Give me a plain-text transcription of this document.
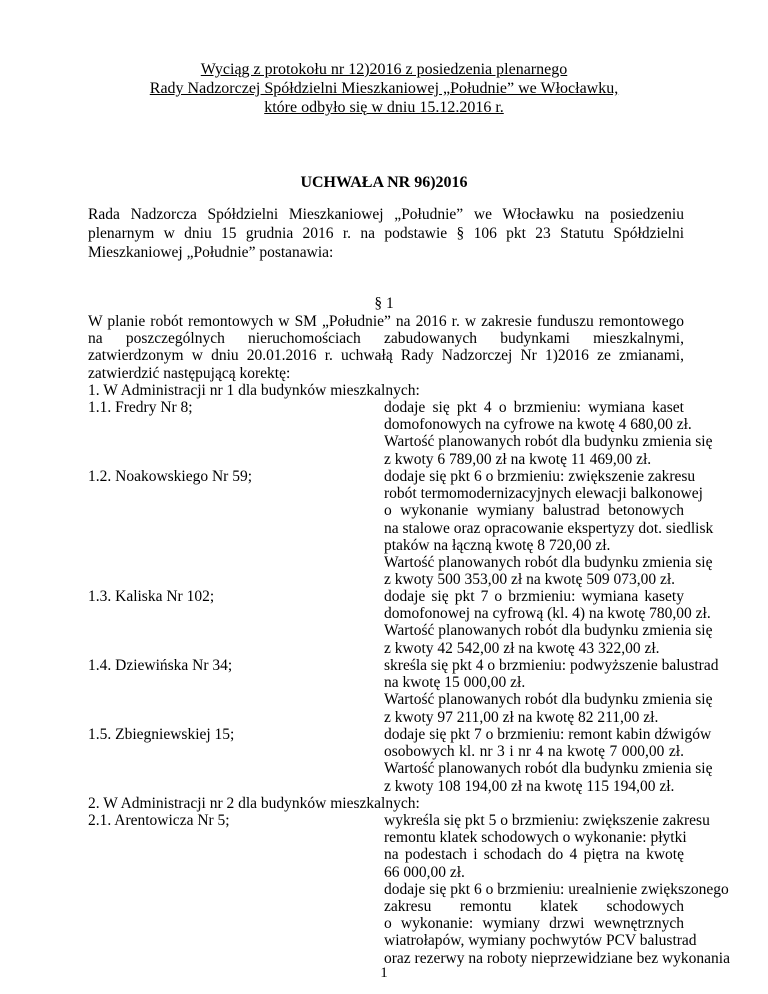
Wyciąg z protokołu nr 12)2016 z posiedzenia plenarnego
Rady Nadzorczej Spółdzielni Mieszkaniowej „Południe” we Włocławku,
które odbyło się w dniu 15.12.2016 r.
UCHWAŁA NR 96)2016
Rada Nadzorcza Spółdzielni Mieszkaniowej „Południe” we Włocławku na posiedzeniu plenarnym w dniu 15 grudnia 2016 r. na podstawie § 106 pkt 23 Statutu Spółdzielni Mieszkaniowej „Południe” postanawia:
§ 1
W planie robót remontowych w SM „Południe” na 2016 r. w zakresie funduszu remontowego
na poszczególnych nieruchomościach zabudowanych budynkami mieszkalnymi,
zatwierdzonym w dniu 20.01.2016 r. uchwałą Rady Nadzorczej Nr 1)2016 ze zmianami,
zatwierdzić następującą korektę:
1. W Administracji nr 1 dla budynków mieszkalnych:
1.1. Fredry Nr 8;	dodaje się pkt 4 o brzmieniu: wymiana kaset
domofonowych na cyfrowe na kwotę 4 680,00 zł.
Wartość planowanych robót dla budynku zmienia się
z kwoty 6 789,00 zł na kwotę 11 469,00 zł.
1.2. Noakowskiego Nr 59;	dodaje się pkt 6 o brzmieniu: zwiększenie zakresu
robót termomodernizacyjnych elewacji balkonowej
o wykonanie wymiany balustrad betonowych
na stalowe oraz opracowanie ekspertyzy dot. siedlisk
ptaków na łączną kwotę 8 720,00 zł.
Wartość planowanych robót dla budynku zmienia się
z kwoty 500 353,00 zł na kwotę 509 073,00 zł.
1.3. Kaliska Nr 102;	dodaje się pkt 7 o brzmieniu: wymiana kasety
domofonowej na cyfrową (kl. 4) na kwotę 780,00 zł.
Wartość planowanych robót dla budynku zmienia się
z kwoty 42 542,00 zł na kwotę 43 322,00 zł.
1.4. Dziewińska Nr 34;	skreśla się pkt 4 o brzmieniu: podwyższenie balustrad
na kwotę 15 000,00 zł.
Wartość planowanych robót dla budynku zmienia się
z kwoty 97 211,00 zł na kwotę 82 211,00 zł.
1.5. Zbiegniewskiej 15;	dodaje się pkt 7 o brzmieniu: remont kabin dźwigów
osobowych kl. nr 3 i nr 4 na kwotę 7 000,00 zł.
Wartość planowanych robót dla budynku zmienia się
z kwoty 108 194,00 zł na kwotę 115 194,00 zł.
2. W Administracji nr 2 dla budynków mieszkalnych:
2.1. Arentowicza Nr 5;	wykreśla się pkt 5 o brzmieniu: zwiększenie zakresu
remontu klatek schodowych o wykonanie: płytki
na podestach i schodach do 4 piętra na kwotę
66 000,00 zł.
dodaje się pkt 6 o brzmieniu: urealnienie zwiększonego
zakresu remontu klatek schodowych
o wykonanie: wymiany drzwi wewnętrznych
wiatrołapów, wymiany pochwytów PCV balustrad
oraz rezerwy na roboty nieprzewidziane bez wykonania
1
